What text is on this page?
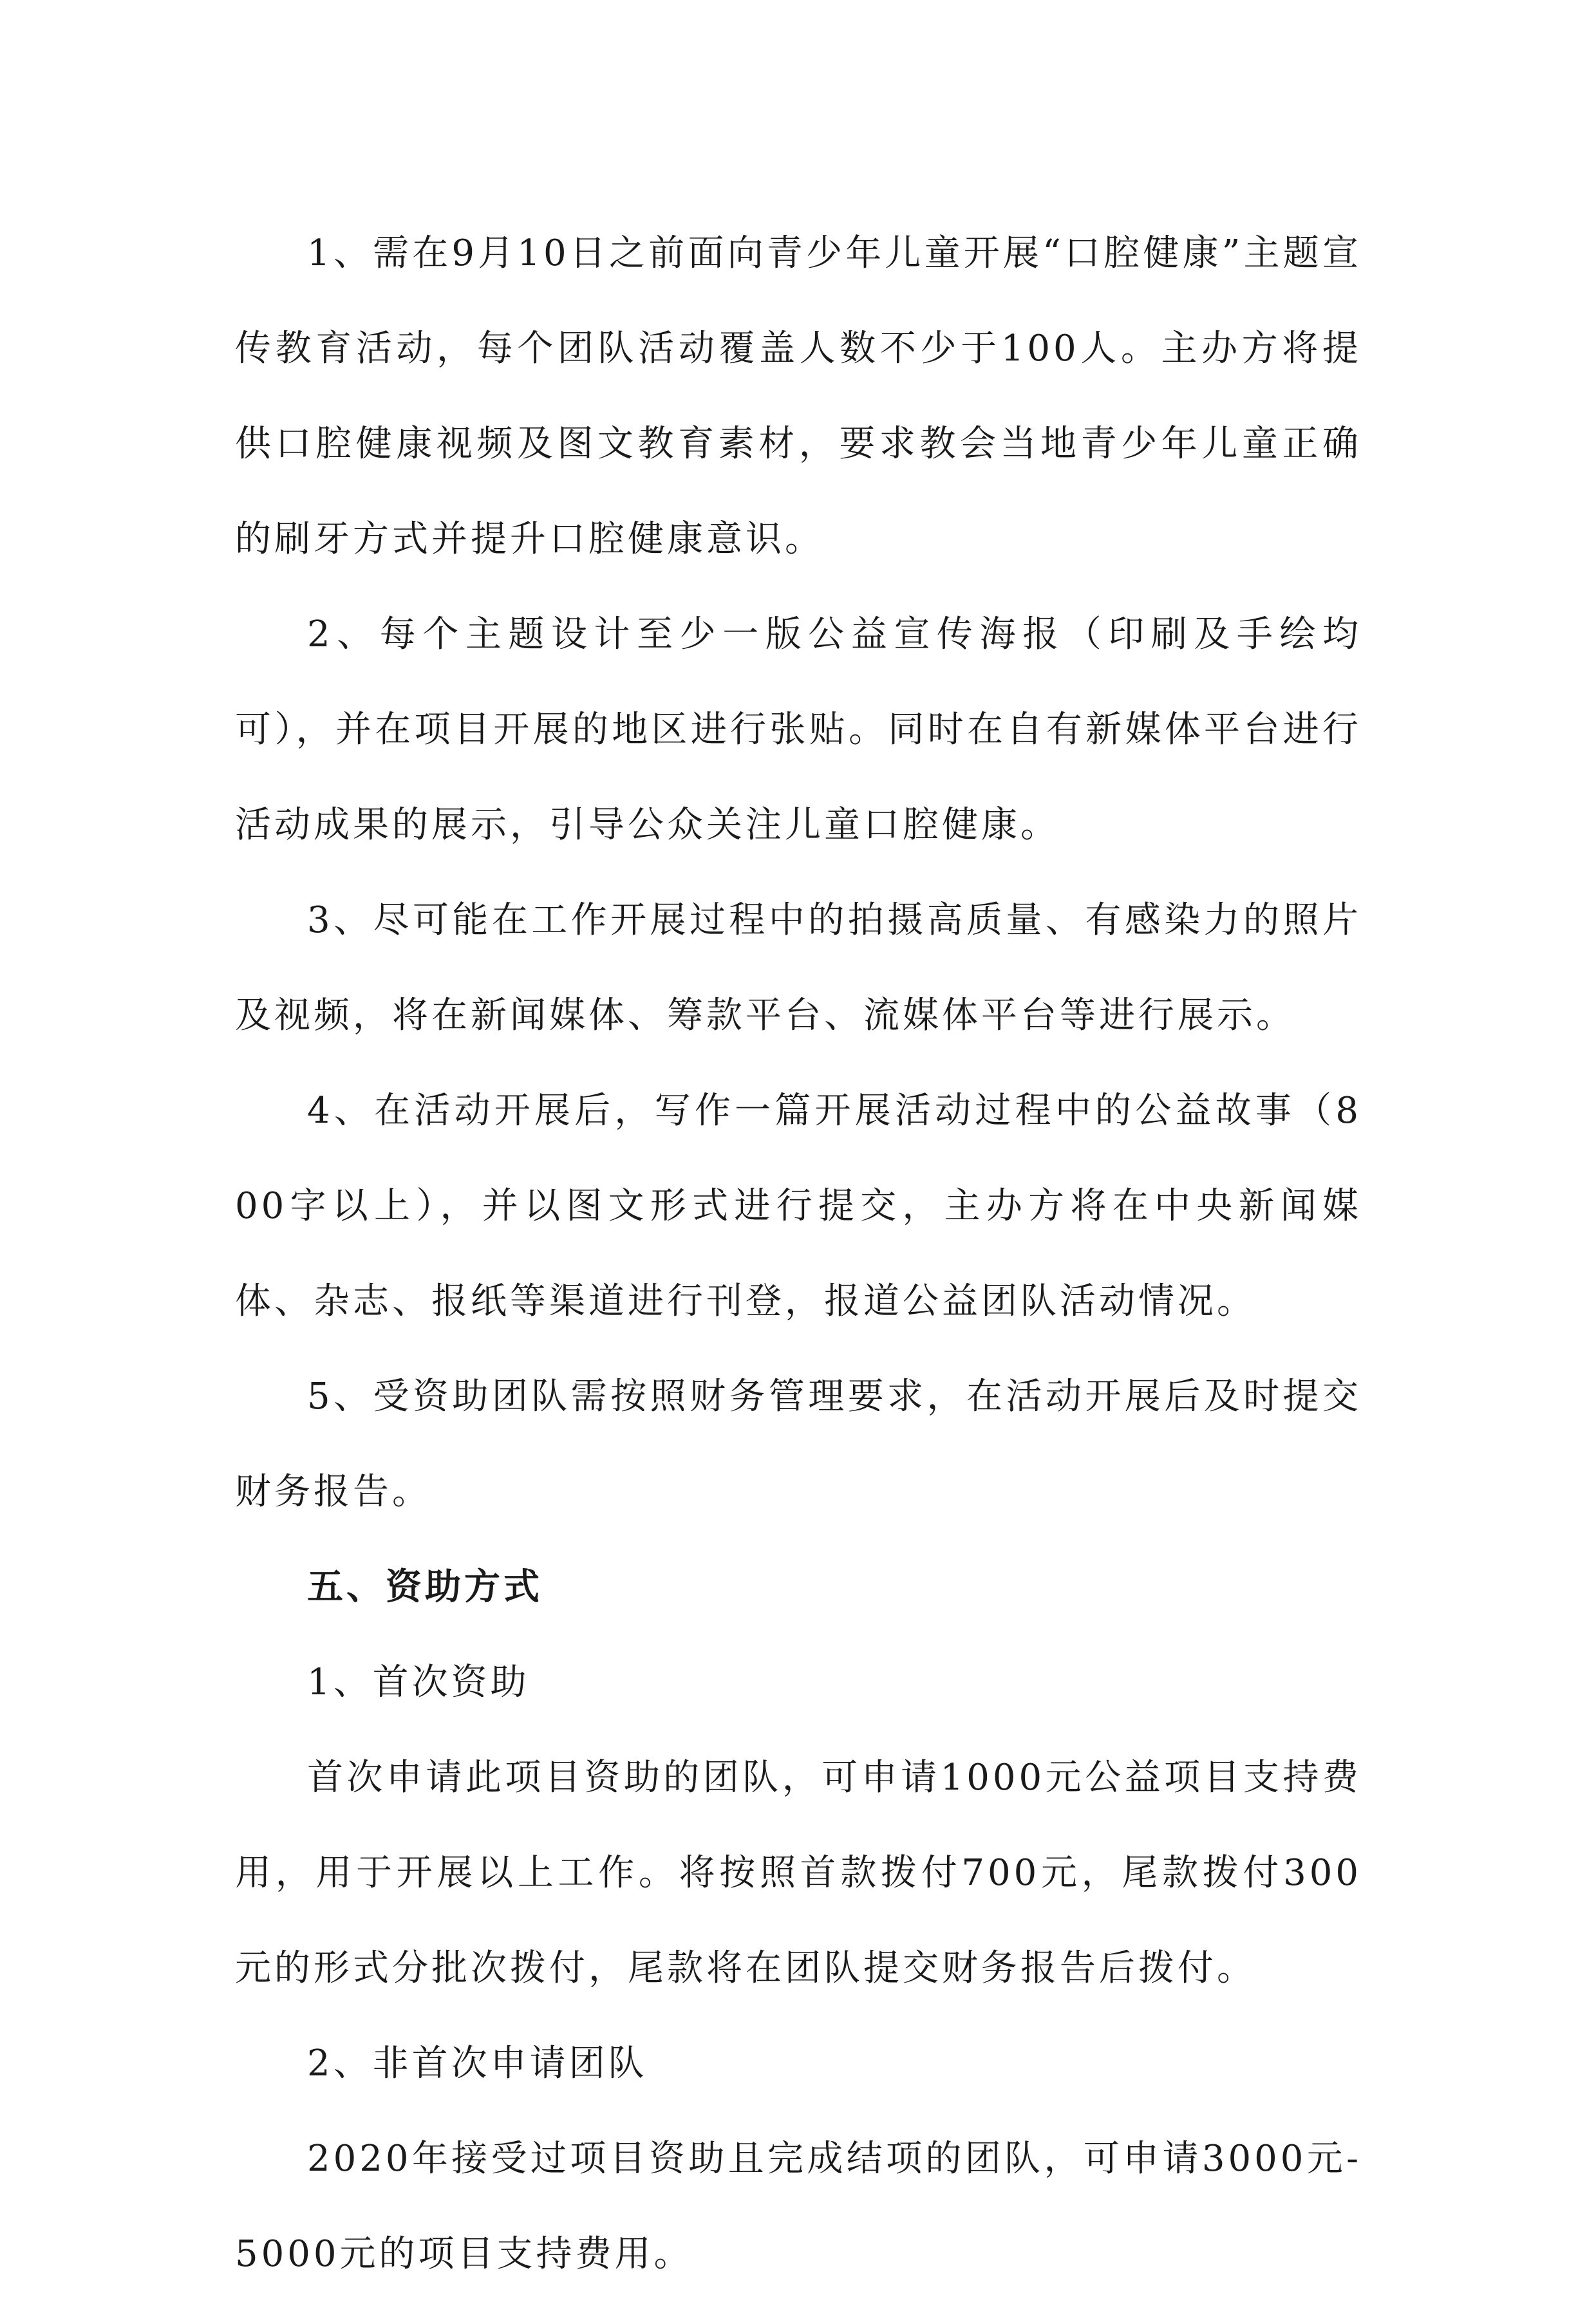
1、需在9月10日之前面向青少年儿童开展“口腔健康”主题宣传教育活动，每个团队活动覆盖人数不少于100人。主办方将提供口腔健康视频及图文教育素材，要求教会当地青少年儿童正确的刷牙方式并提升口腔健康意识。

2、每个主题设计至少一版公益宣传海报（印刷及手绘均可），并在项目开展的地区进行张贴。同时在自有新媒体平台进行活动成果的展示，引导公众关注儿童口腔健康。

3、尽可能在工作开展过程中的拍摄高质量、有感染力的照片及视频，将在新闻媒体、筹款平台、流媒体平台等进行展示。

4、在活动开展后，写作一篇开展活动过程中的公益故事（800字以上），并以图文形式进行提交，主办方将在中央新闻媒体、杂志、报纸等渠道进行刊登，报道公益团队活动情况。

5、受资助团队需按照财务管理要求，在活动开展后及时提交财务报告。

五、资助方式

1、首次资助

首次申请此项目资助的团队，可申请1000元公益项目支持费用，用于开展以上工作。将按照首款拨付700元，尾款拨付300元的形式分批次拨付，尾款将在团队提交财务报告后拨付。

2、非首次申请团队

2020年接受过项目资助且完成结项的团队，可申请3000元-5000元的项目支持费用。
